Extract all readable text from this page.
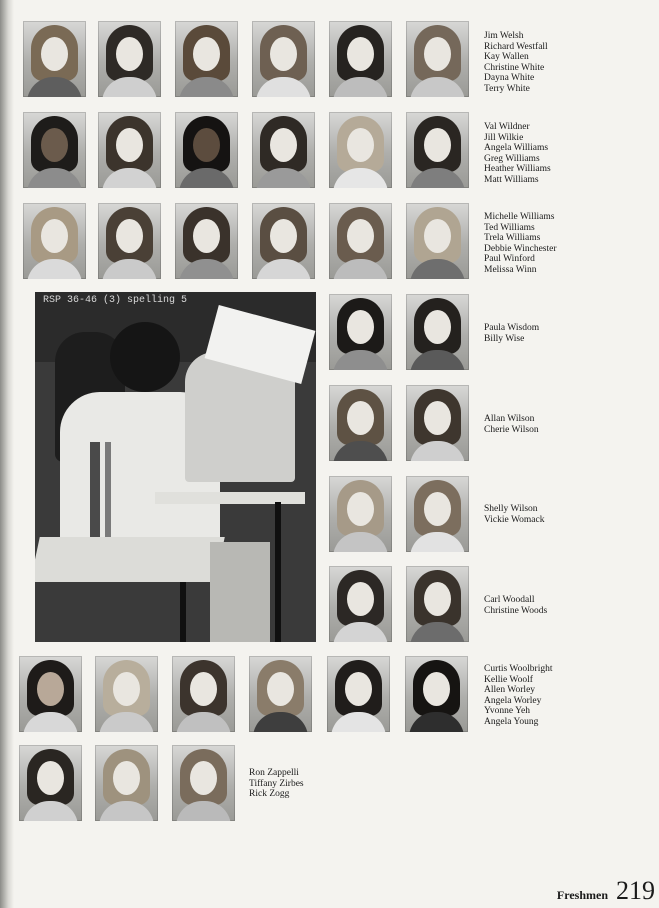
Jim Welsh
Richard Westfall
Kay Wallen
Christine White
Dayna White
Terry White
Val Wildner
Jill Wilkie
Angela Williams
Greg Williams
Heather Williams
Matt Williams
Michelle Williams
Ted Williams
Trela Williams
Debbie Winchester
Paul Winford
Melissa Winn
RSP 36-46 (3) spelling 5
Paula Wisdom
Billy Wise
Allan Wilson
Cherie Wilson
Shelly Wilson
Vickie Womack
Carl Woodall
Christine Woods
Curtis Woolbright
Kellie Woolf
Allen Worley
Angela Worley
Yvonne Yeh
Angela Young
Ron Zappelli
Tiffany Zirbes
Rick Zogg
Freshmen 219
